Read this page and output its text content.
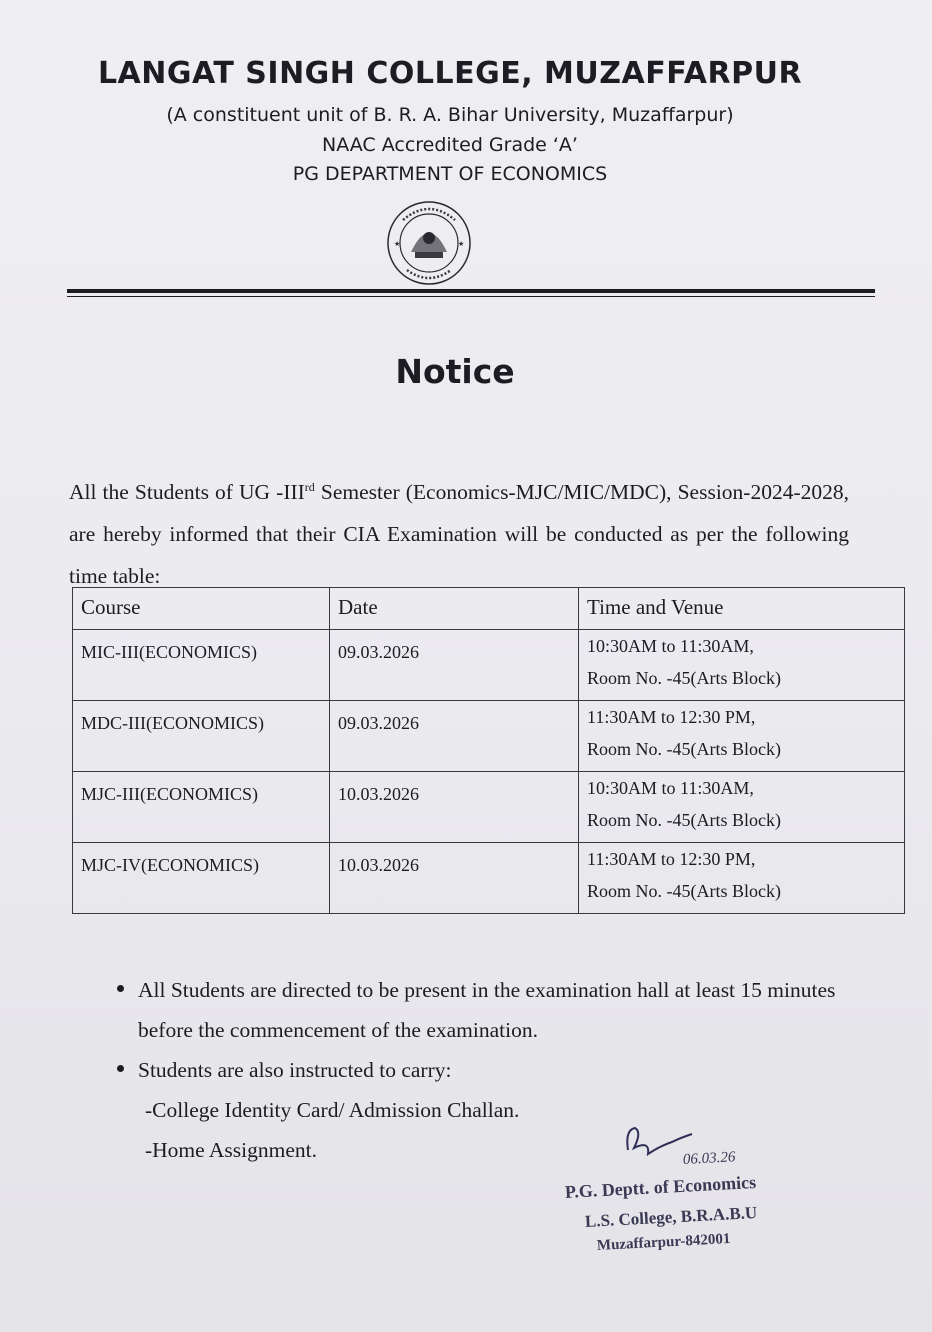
LANGAT SINGH COLLEGE, MUZAFFARPUR
(A constituent unit of B. R. A. Bihar University, Muzaffarpur)
NAAC Accredited Grade ‘A’
PG DEPARTMENT OF ECONOMICS
★	★
Notice
All the Students of UG -IIIrd Semester (Economics-MJC/MIC/MDC), Session-2024-2028, are hereby informed that their CIA Examination will be conducted as per the following time table:
Course	Date	Time and Venue
MIC-III(ECONOMICS)	09.03.2026	10:30AM to 11:30AM,
Room No. -45(Arts Block)

MDC-III(ECONOMICS)	09.03.2026	11:30AM to 12:30 PM,
Room No. -45(Arts Block)

MJC-III(ECONOMICS)	10.03.2026	10:30AM to 11:30AM,
Room No. -45(Arts Block)

MJC-IV(ECONOMICS)	10.03.2026	11:30AM to 12:30 PM,
Room No. -45(Arts Block)
All Students are directed to be present in the examination hall at least 15 minutes before the commencement of the examination.
Students are also instructed to carry:
-College Identity Card/ Admission Challan.
-Home Assignment.	06.03.26
P.G. Deptt. of Economics
L.S. College, B.R.A.B.U
Muzaffarpur-842001
